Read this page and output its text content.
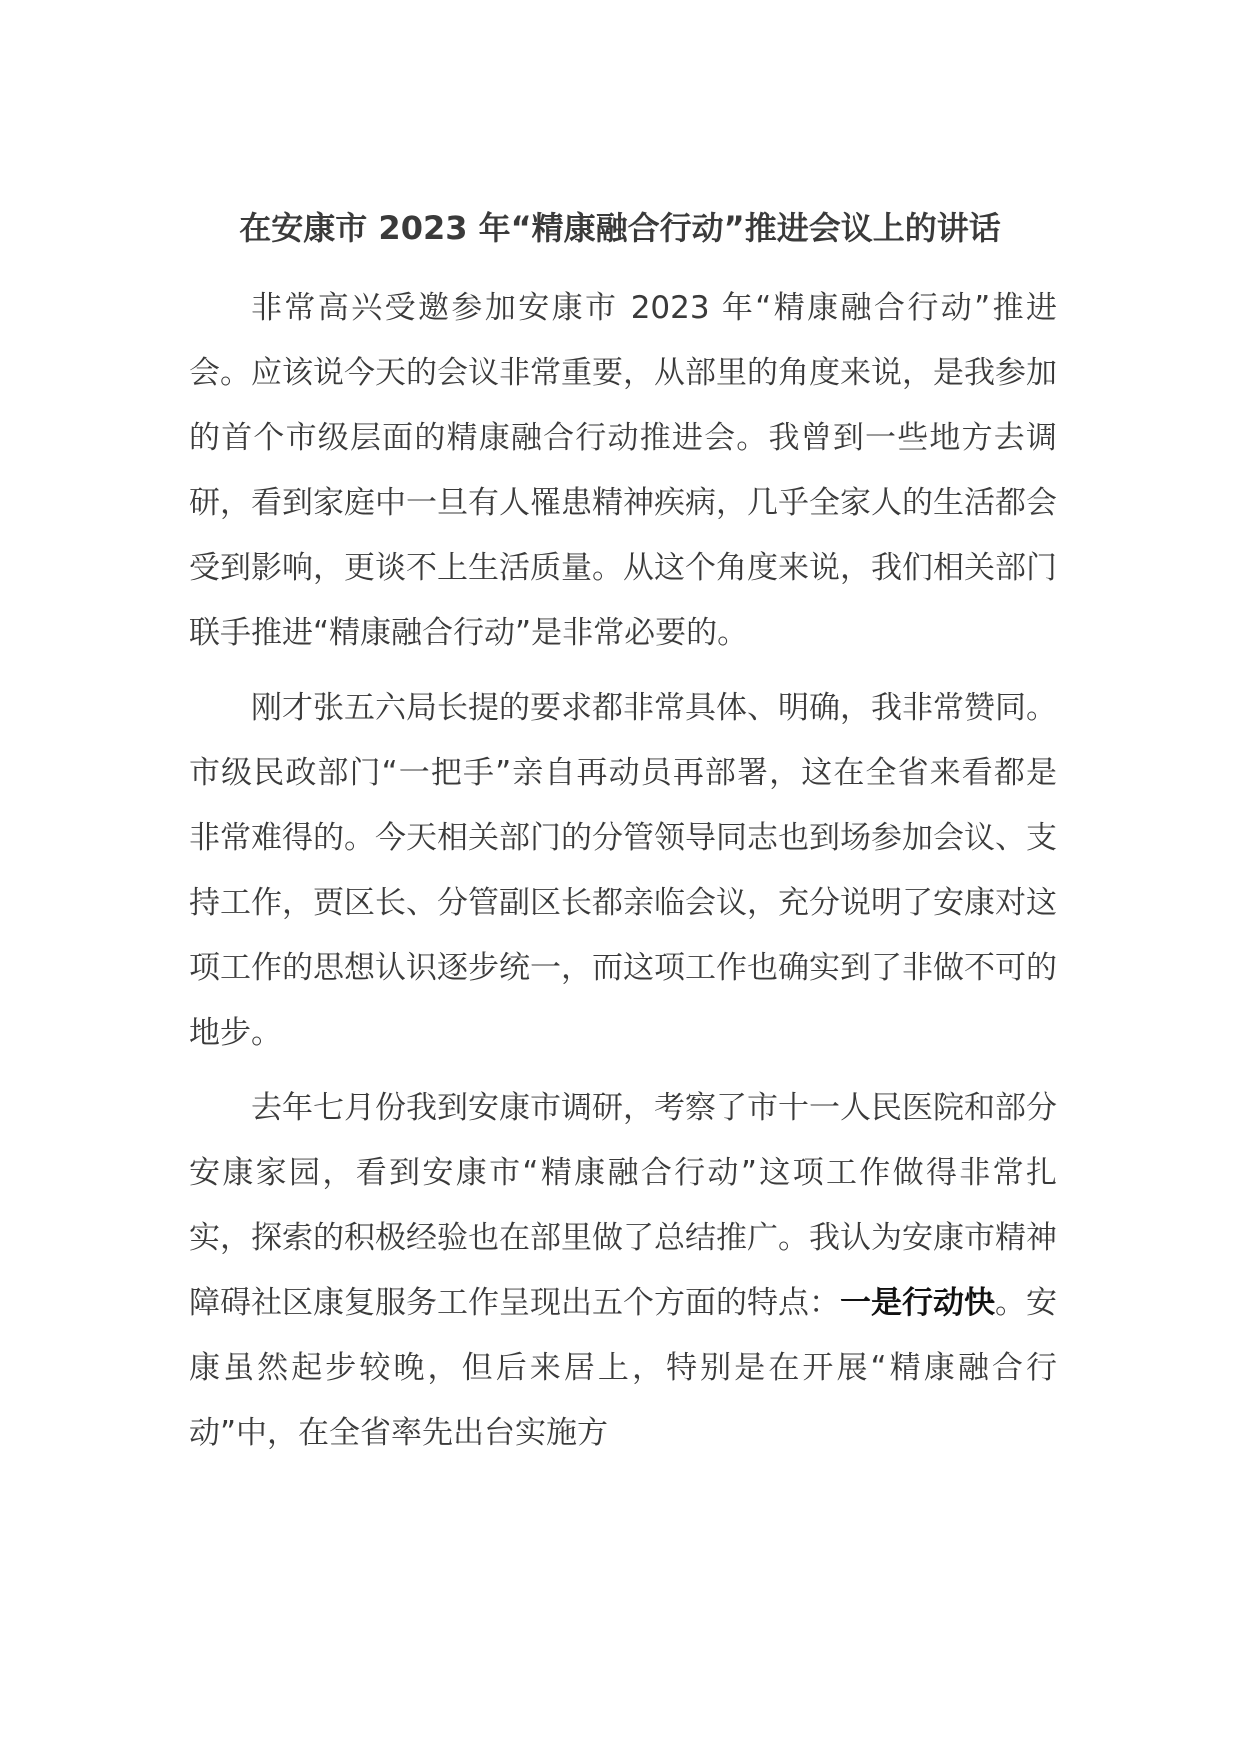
在安康市 2023 年“精康融合行动”推进会议上的讲话

非常高兴受邀参加安康市 2023 年“精康融合行动”推进会。应该说今天的会议非常重要，从部里的角度来说，是我参加的首个市级层面的精康融合行动推进会。我曾到一些地方去调研，看到家庭中一旦有人罹患精神疾病，几乎全家人的生活都会受到影响，更谈不上生活质量。从这个角度来说，我们相关部门联手推进“精康融合行动”是非常必要的。

刚才张五六局长提的要求都非常具体、明确，我非常赞同。市级民政部门“一把手”亲自再动员再部署，这在全省来看都是非常难得的。今天相关部门的分管领导同志也到场参加会议、支持工作，贾区长、分管副区长都亲临会议，充分说明了安康对这项工作的思想认识逐步统一，而这项工作也确实到了非做不可的地步。

去年七月份我到安康市调研，考察了市十一人民医院和部分安康家园，看到安康市“精康融合行动”这项工作做得非常扎实，探索的积极经验也在部里做了总结推广。我认为安康市精神障碍社区康复服务工作呈现出五个方面的特点：一是行动快。安康虽然起步较晚，但后来居上，特别是在开展“精康融合行动”中，在全省率先出台实施方
